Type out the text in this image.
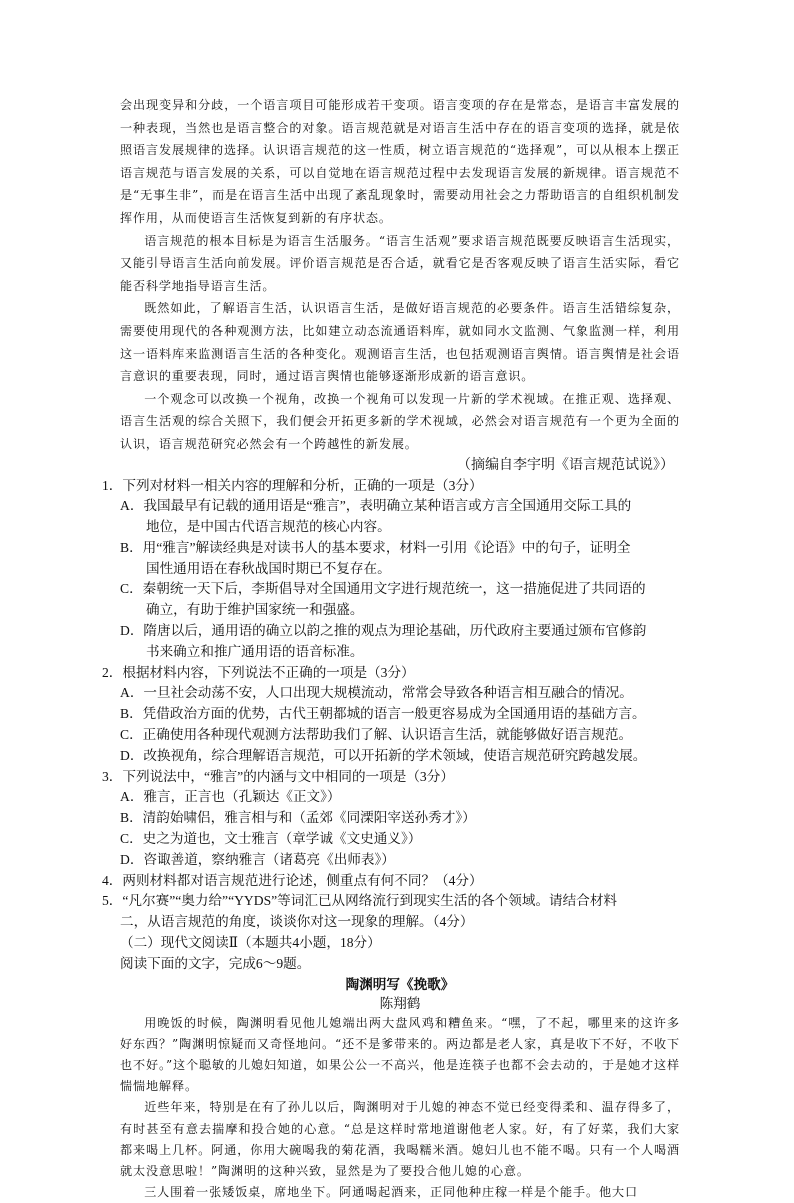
会出现变异和分歧，一个语言项目可能形成若干变项。语言变项的存在是常态，是语言丰富发展的一种表现，当然也是语言整合的对象。语言规范就是对语言生活中存在的语言变项的选择，就是依照语言发展规律的选择。认识语言规范的这一性质，树立语言规范的“选择观”，可以从根本上摆正语言规范与语言发展的关系，可以自觉地在语言规范过程中去发现语言发展的新规律。语言规范不是“无事生非”，而是在语言生活中出现了紊乱现象时，需要动用社会之力帮助语言的自组织机制发挥作用，从而使语言生活恢复到新的有序状态。

语言规范的根本目标是为语言生活服务。“语言生活观”要求语言规范既要反映语言生活现实，又能引导语言生活向前发展。评价语言规范是否合适，就看它是否客观反映了语言生活实际，看它能否科学地指导语言生活。

既然如此，了解语言生活，认识语言生活，是做好语言规范的必要条件。语言生活错综复杂，需要使用现代的各种观测方法，比如建立动态流通语料库，就如同水文监测、气象监测一样，利用这一语料库来监测语言生活的各种变化。观测语言生活，也包括观测语言舆情。语言舆情是社会语言意识的重要表现，同时，通过语言舆情也能够逐渐形成新的语言意识。

一个观念可以改换一个视角，改换一个视角可以发现一片新的学术视域。在推正观、选择观、语言生活观的综合关照下，我们便会开拓更多新的学术视域，必然会对语言规范有一个更为全面的认识，语言规范研究必然会有一个跨越性的新发展。

（摘编自李宇明《语言规范试说》）

1．下列对材料一相关内容的理解和分析，正确的一项是（3分）

A．我国最早有记载的通用语是“雅言”，表明确立某种语言或方言全国通用交际工具的

地位，是中国古代语言规范的核心内容。

B．用“雅言”解读经典是对读书人的基本要求，材料一引用《论语》中的句子，证明全

国性通用语在春秋战国时期已不复存在。

C．秦朝统一天下后，李斯倡导对全国通用文字进行规范统一，这一措施促进了共同语的

确立，有助于维护国家统一和强盛。

D．隋唐以后，通用语的确立以韵之推的观点为理论基础，历代政府主要通过颁布官修韵

书来确立和推广通用语的语音标准。

2．根据材料内容，下列说法不正确的一项是（3分）

A．一旦社会动荡不安，人口出现大规模流动，常常会导致各种语言相互融合的情况。

B．凭借政治方面的优势，古代王朝都城的语言一般更容易成为全国通用语的基础方言。

C．正确使用各种现代观测方法帮助我们了解、认识语言生活，就能够做好语言规范。

D．改换视角，综合理解语言规范，可以开拓新的学术领域，使语言规范研究跨越发展。

3．下列说法中，“雅言”的内涵与文中相同的一项是（3分）

A．雅言，正言也（孔颖达《正文》）

B．清韵始啸侣，雅言相与和（孟郊《同溧阳宰送孙秀才》）

C．史之为道也，文士雅言（章学诚《文史通义》）

D．咨诹善道，察纳雅言（诸葛亮《出师表》）

4．两则材料都对语言规范进行论述，侧重点有何不同？（4分）

5．“凡尔赛”“奥力给”“YYDS”等词汇已从网络流行到现实生活的各个领域。请结合材料

二，从语言规范的角度，谈谈你对这一现象的理解。（4分）

（二）现代文阅读Ⅱ（本题共4小题，18分）

阅读下面的文字，完成6～9题。

陶渊明写《挽歌》

陈翔鹤

用晚饭的时候，陶渊明看见他儿媳端出两大盘风鸡和糟鱼来。“嘿，了不起，哪里来的这许多好东西？”陶渊明惊疑而又奇怪地问。“还不是爹带来的。两边都是老人家，真是收下不好，不收下也不好。”这个聪敏的儿媳妇知道，如果公公一不高兴，他是连筷子也都不会去动的，于是她才这样惴惴地解释。

近些年来，特别是在有了孙儿以后，陶渊明对于儿媳的神态不觉已经变得柔和、温存得多了，有时甚至有意去揣摩和投合她的心意。“总是这样时常地道谢他老人家。好，有了好菜，我们大家都来喝上几杯。阿通，你用大碗喝我的菊花酒，我喝糯米酒。媳妇儿也不能不喝。只有一个人喝酒就太没意思啦！”陶渊明的这种兴致，显然是为了要投合他儿媳的心意。

三人围着一张矮饭桌，席地坐下。阿通喝起酒来，正同他种庄稼一样是个能手。他大口
